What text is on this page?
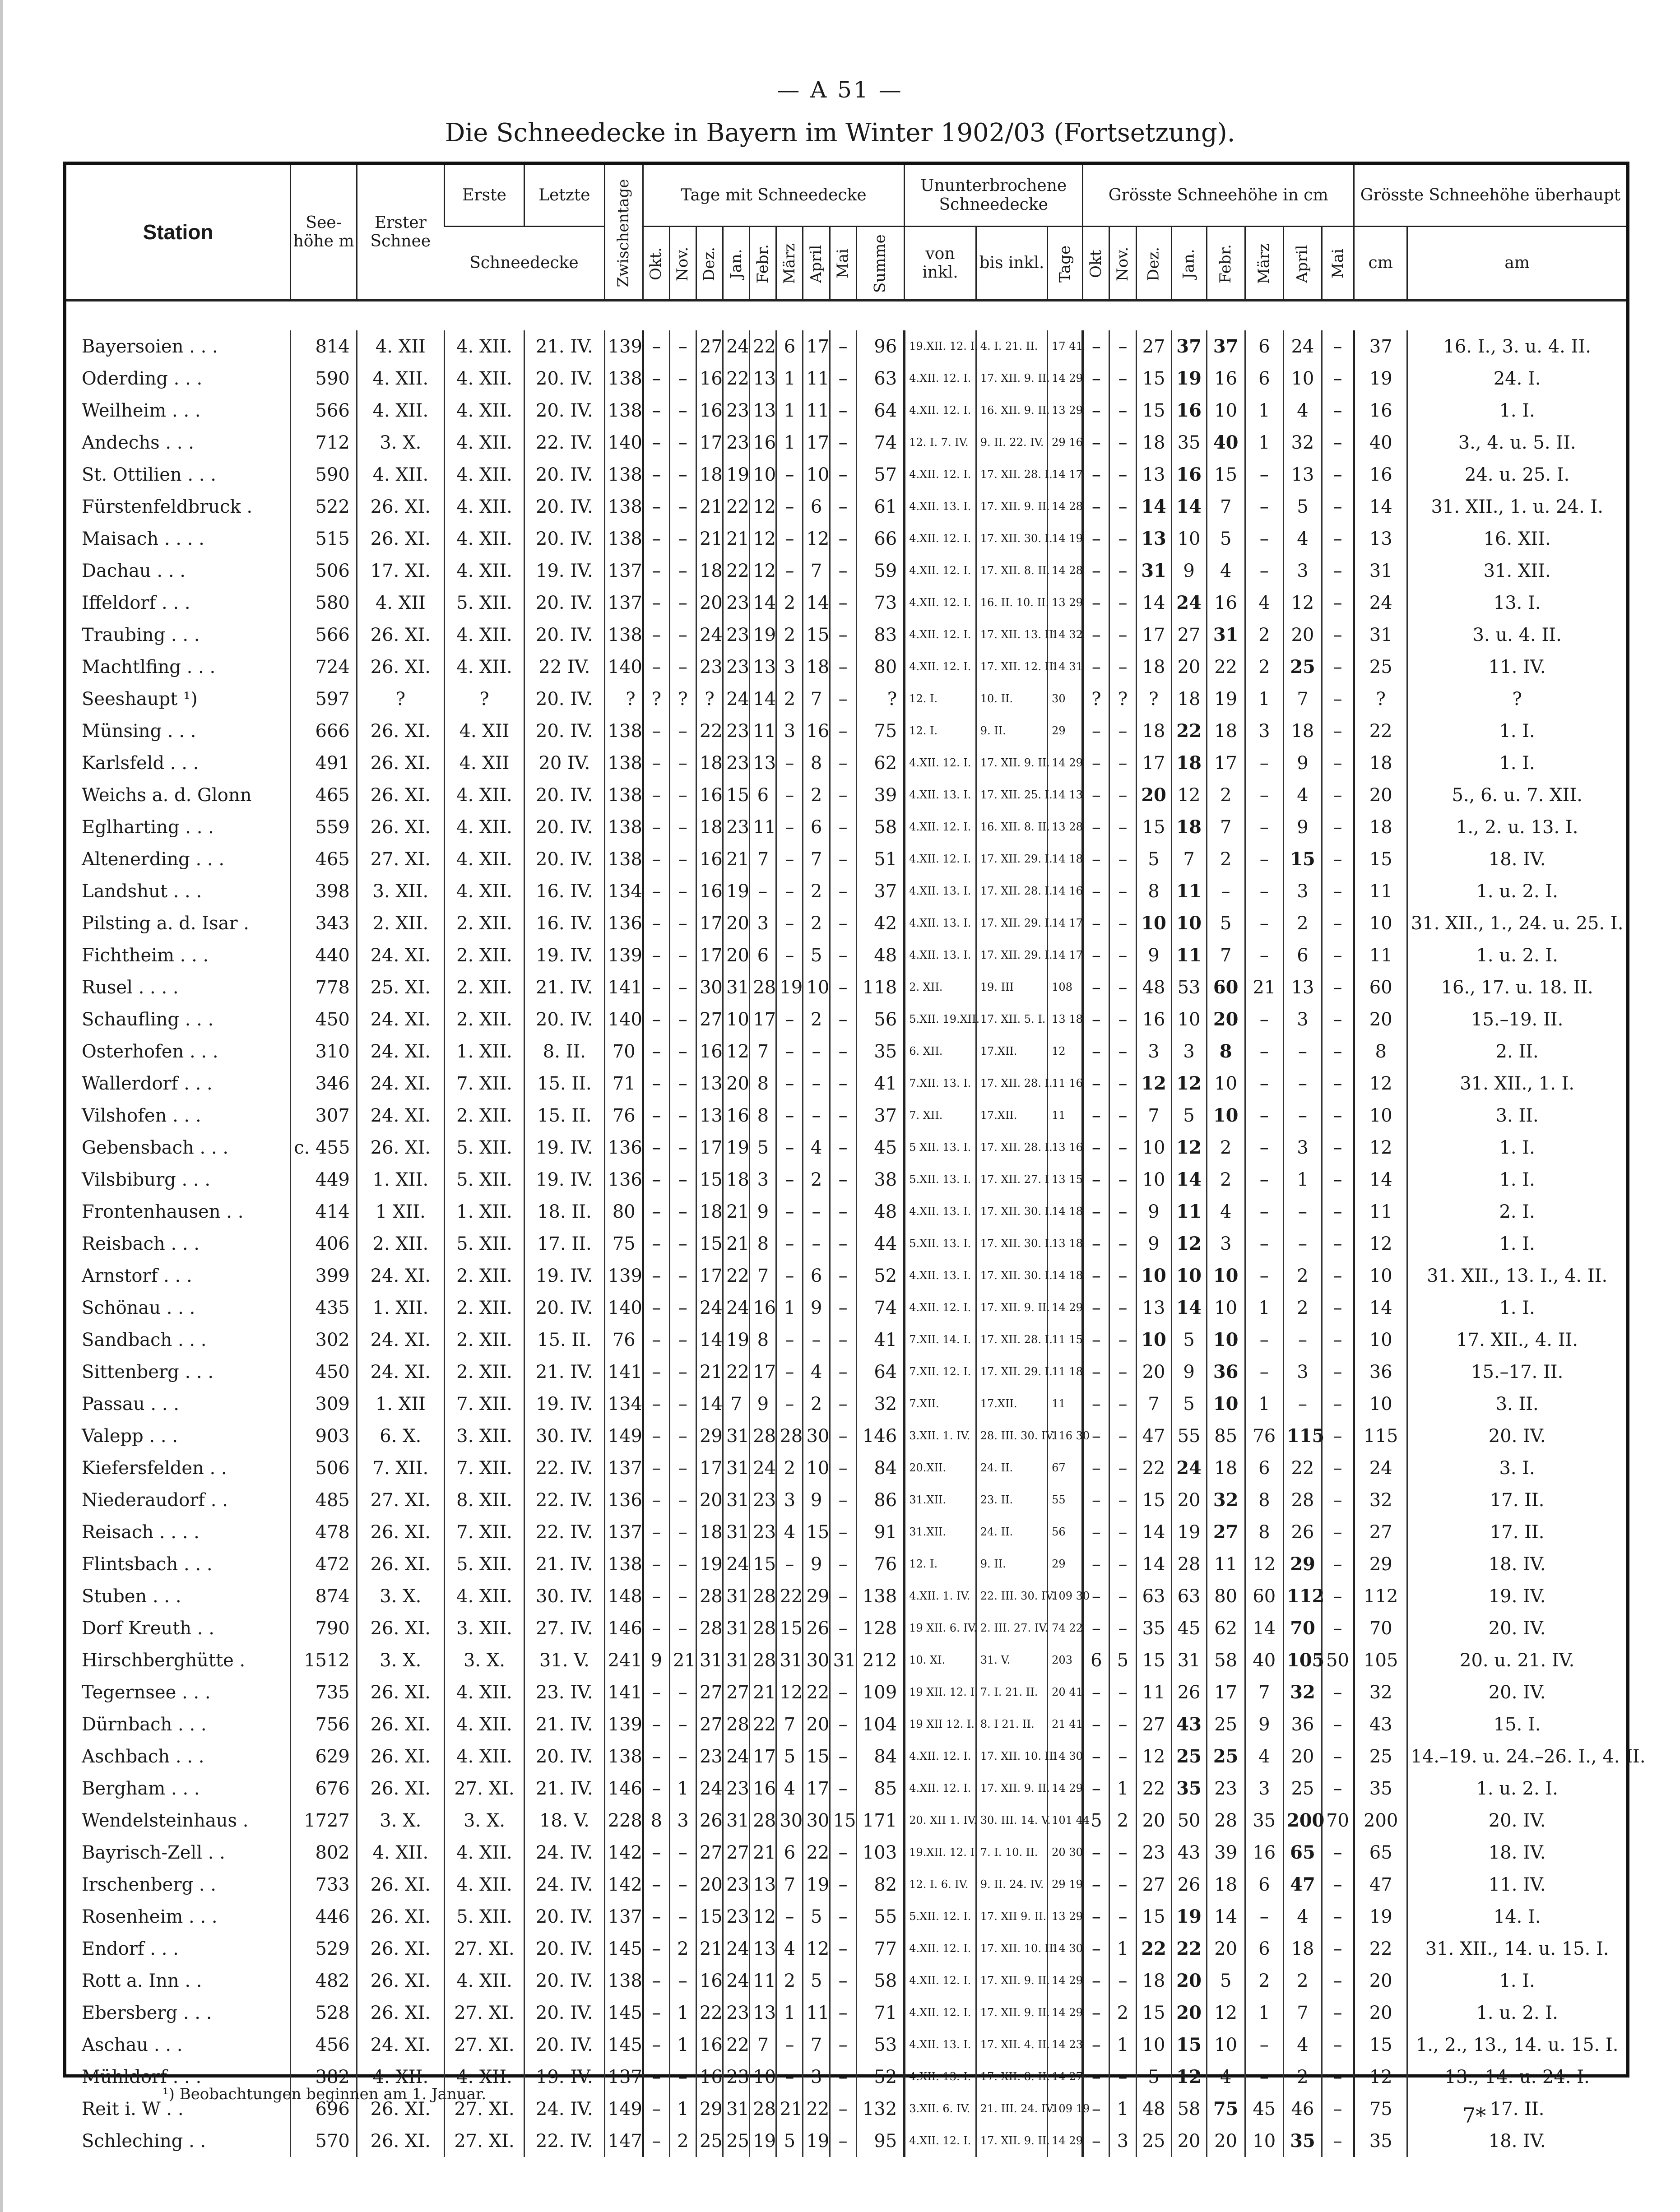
— A 51 —
Die Schneedecke in Bayern im Winter 1902/03 (Fortsetzung).
Station	See-höhe m	Erster Schnee	Erste	Letzte	Zwischentage	Tage mit Schneedecke									Ununterbrochene Schneedecke			Grösste Schneehöhe in cm								Grösste Schneehöhe überhaupt	
			Schneedecke			Okt.	Nov.	Dez.	Jan.	Febr.	März	April	Mai	Summe	von inkl.	bis inkl.	Tage	Okt	Nov.	Dez.	Jan.	Febr.	März	April	Mai	cm	am

Bayersoien . . .	814	4. XII	4. XII.	21. IV.	139	–	–	27	24	22	6	17	–	96	19.XII. 12. I.	4. I. 21. II.	17 41	–	–	27	37	37	6	24	–	37	16. I., 3. u. 4. II.
Oderding . . .	590	4. XII.	4. XII.	20. IV.	138	–	–	16	22	13	1	11	–	63	4.XII. 12. I.	17. XII. 9. II.	14 29	–	–	15	19	16	6	10	–	19	24. I.
Weilheim . . .	566	4. XII.	4. XII.	20. IV.	138	–	–	16	23	13	1	11	–	64	4.XII. 12. I.	16. XII. 9. II.	13 29	–	–	15	16	10	1	4	–	16	1. I.
Andechs . . .	712	3. X.	4. XII.	22. IV.	140	–	–	17	23	16	1	17	–	74	12. I. 7. IV.	9. II. 22. IV.	29 16	–	–	18	35	40	1	32	–	40	3., 4. u. 5. II.
St. Ottilien . . .	590	4. XII.	4. XII.	20. IV.	138	–	–	18	19	10	–	10	–	57	4.XII. 12. I.	17. XII. 28. I.	14 17	–	–	13	16	15	–	13	–	16	24. u. 25. I.
Fürstenfeldbruck .	522	26. XI.	4. XII.	20. IV.	138	–	–	21	22	12	–	6	–	61	4.XII. 13. I.	17. XII. 9. II.	14 28	–	–	14	14	7	–	5	–	14	31. XII., 1. u. 24. I.
Maisach . . . .	515	26. XI.	4. XII.	20. IV.	138	–	–	21	21	12	–	12	–	66	4.XII. 12. I.	17. XII. 30. I.	14 19	–	–	13	10	5	–	4	–	13	16. XII.
Dachau . . .	506	17. XI.	4. XII.	19. IV.	137	–	–	18	22	12	–	7	–	59	4.XII. 12. I.	17. XII. 8. II.	14 28	–	–	31	9	4	–	3	–	31	31. XII.
Iffeldorf . . .	580	4. XII	5. XII.	20. IV.	137	–	–	20	23	14	2	14	–	73	4.XII. 12. I.	16. II. 10. II.	13 29	–	–	14	24	16	4	12	–	24	13. I.
Traubing . . .	566	26. XI.	4. XII.	20. IV.	138	–	–	24	23	19	2	15	–	83	4.XII. 12. I.	17. XII. 13. II.	14 32	–	–	17	27	31	2	20	–	31	3. u. 4. II.
Machtlfing . . .	724	26. XI.	4. XII.	22 IV.	140	–	–	23	23	13	3	18	–	80	4.XII. 12. I.	17. XII. 12. II.	14 31	–	–	18	20	22	2	25	–	25	11. IV.
Seeshaupt ¹)	597	?	?	20. IV.	?	?	?	?	24	14	2	7	–	?	12. I.	10. II.	30	?	?	?	18	19	1	7	–	?	?
Münsing . . .	666	26. XI.	4. XII	20. IV.	138	–	–	22	23	11	3	16	–	75	12. I.	9. II.	29	–	–	18	22	18	3	18	–	22	1. I.
Karlsfeld . . .	491	26. XI.	4. XII	20 IV.	138	–	–	18	23	13	–	8	–	62	4.XII. 12. I.	17. XII. 9. II.	14 29	–	–	17	18	17	–	9	–	18	1. I.
Weichs a. d. Glonn	465	26. XI.	4. XII.	20. IV.	138	–	–	16	15	6	–	2	–	39	4.XII. 13. I.	17. XII. 25. I.	14 13	–	–	20	12	2	–	4	–	20	5., 6. u. 7. XII.
Eglharting . . .	559	26. XI.	4. XII.	20. IV.	138	–	–	18	23	11	–	6	–	58	4.XII. 12. I.	16. XII. 8. II.	13 28	–	–	15	18	7	–	9	–	18	1., 2. u. 13. I.
Altenerding . . .	465	27. XI.	4. XII.	20. IV.	138	–	–	16	21	7	–	7	–	51	4.XII. 12. I.	17. XII. 29. I.	14 18	–	–	5	7	2	–	15	–	15	18. IV.
Landshut . . .	398	3. XII.	4. XII.	16. IV.	134	–	–	16	19	–	–	2	–	37	4.XII. 13. I.	17. XII. 28. I.	14 16	–	–	8	11	–	–	3	–	11	1. u. 2. I.
Pilsting a. d. Isar .	343	2. XII.	2. XII.	16. IV.	136	–	–	17	20	3	–	2	–	42	4.XII. 13. I.	17. XII. 29. I.	14 17	–	–	10	10	5	–	2	–	10	31. XII., 1., 24. u. 25. I.
Fichtheim . . .	440	24. XI.	2. XII.	19. IV.	139	–	–	17	20	6	–	5	–	48	4.XII. 13. I.	17. XII. 29. I.	14 17	–	–	9	11	7	–	6	–	11	1. u. 2. I.
Rusel . . . .	778	25. XI.	2. XII.	21. IV.	141	–	–	30	31	28	19	10	–	118	2. XII.	19. III	108	–	–	48	53	60	21	13	–	60	16., 17. u. 18. II.
Schaufling . . .	450	24. XI.	2. XII.	20. IV.	140	–	–	27	10	17	–	2	–	56	5.XII. 19.XII.	17. XII. 5. I.	13 18	–	–	16	10	20	–	3	–	20	15.–19. II.
Osterhofen . . .	310	24. XI.	1. XII.	8. II.	70	–	–	16	12	7	–	–	–	35	6. XII.	17.XII.	12	–	–	3	3	8	–	–	–	8	2. II.
Wallerdorf . . .	346	24. XI.	7. XII.	15. II.	71	–	–	13	20	8	–	–	–	41	7.XII. 13. I.	17. XII. 28. I.	11 16	–	–	12	12	10	–	–	–	12	31. XII., 1. I.
Vilshofen . . .	307	24. XI.	2. XII.	15. II.	76	–	–	13	16	8	–	–	–	37	7. XII.	17.XII.	11	–	–	7	5	10	–	–	–	10	3. II.
Gebensbach . . .	c. 455	26. XI.	5. XII.	19. IV.	136	–	–	17	19	5	–	4	–	45	5 XII. 13. I.	17. XII. 28. I.	13 16	–	–	10	12	2	–	3	–	12	1. I.
Vilsbiburg . . .	449	1. XII.	5. XII.	19. IV.	136	–	–	15	18	3	–	2	–	38	5.XII. 13. I.	17. XII. 27. I	13 15	–	–	10	14	2	–	1	–	14	1. I.
Frontenhausen . .	414	1 XII.	1. XII.	18. II.	80	–	–	18	21	9	–	–	–	48	4.XII. 13. I.	17. XII. 30. I.	14 18	–	–	9	11	4	–	–	–	11	2. I.
Reisbach . . .	406	2. XII.	5. XII.	17. II.	75	–	–	15	21	8	–	–	–	44	5.XII. 13. I.	17. XII. 30. I.	13 18	–	–	9	12	3	–	–	–	12	1. I.
Arnstorf . . .	399	24. XI.	2. XII.	19. IV.	139	–	–	17	22	7	–	6	–	52	4.XII. 13. I.	17. XII. 30. I.	14 18	–	–	10	10	10	–	2	–	10	31. XII., 13. I., 4. II.
Schönau . . .	435	1. XII.	2. XII.	20. IV.	140	–	–	24	24	16	1	9	–	74	4.XII. 12. I.	17. XII. 9. II.	14 29	–	–	13	14	10	1	2	–	14	1. I.
Sandbach . . .	302	24. XI.	2. XII.	15. II.	76	–	–	14	19	8	–	–	–	41	7.XII. 14. I.	17. XII. 28. I.	11 15	–	–	10	5	10	–	–	–	10	17. XII., 4. II.
Sittenberg . . .	450	24. XI.	2. XII.	21. IV.	141	–	–	21	22	17	–	4	–	64	7.XII. 12. I.	17. XII. 29. I.	11 18	–	–	20	9	36	–	3	–	36	15.–17. II.
Passau . . .	309	1. XII	7. XII.	19. IV.	134	–	–	14	7	9	–	2	–	32	7.XII.	17.XII.	11	–	–	7	5	10	1	–	–	10	3. II.
Valepp . . .	903	6. X.	3. XII.	30. IV.	149	–	–	29	31	28	28	30	–	146	3.XII. 1. IV.	28. III. 30. IV.	116 30	–	–	47	55	85	76	115	–	115	20. IV.
Kiefersfelden . .	506	7. XII.	7. XII.	22. IV.	137	–	–	17	31	24	2	10	–	84	20.XII.	24. II.	67	–	–	22	24	18	6	22	–	24	3. I.
Niederaudorf . .	485	27. XI.	8. XII.	22. IV.	136	–	–	20	31	23	3	9	–	86	31.XII.	23. II.	55	–	–	15	20	32	8	28	–	32	17. II.
Reisach . . . .	478	26. XI.	7. XII.	22. IV.	137	–	–	18	31	23	4	15	–	91	31.XII.	24. II.	56	–	–	14	19	27	8	26	–	27	17. II.
Flintsbach . . .	472	26. XI.	5. XII.	21. IV.	138	–	–	19	24	15	–	9	–	76	12. I.	9. II.	29	–	–	14	28	11	12	29	–	29	18. IV.
Stuben . . .	874	3. X.	4. XII.	30. IV.	148	–	–	28	31	28	22	29	–	138	4.XII. 1. IV.	22. III. 30. IV.	109 30	–	–	63	63	80	60	112	–	112	19. IV.
Dorf Kreuth . .	790	26. XI.	3. XII.	27. IV.	146	–	–	28	31	28	15	26	–	128	19 XII. 6. IV.	2. III. 27. IV.	74 22	–	–	35	45	62	14	70	–	70	20. IV.
Hirschberghütte .	1512	3. X.	3. X.	31. V.	241	9	21	31	31	28	31	30	31	212	10. XI.	31. V.	203	6	5	15	31	58	40	105	50	105	20. u. 21. IV.
Tegernsee . . .	735	26. XI.	4. XII.	23. IV.	141	–	–	27	27	21	12	22	–	109	19 XII. 12. I.	7. I. 21. II.	20 41	–	–	11	26	17	7	32	–	32	20. IV.
Dürnbach . . .	756	26. XI.	4. XII.	21. IV.	139	–	–	27	28	22	7	20	–	104	19 XII 12. I.	8. I 21. II.	21 41	–	–	27	43	25	9	36	–	43	15. I.
Aschbach . . .	629	26. XI.	4. XII.	20. IV.	138	–	–	23	24	17	5	15	–	84	4.XII. 12. I.	17. XII. 10. II.	14 30	–	–	12	25	25	4	20	–	25	14.–19. u. 24.–26. I., 4. II.
Bergham . . .	676	26. XI.	27. XI.	21. IV.	146	–	1	24	23	16	4	17	–	85	4.XII. 12. I.	17. XII. 9. II.	14 29	–	1	22	35	23	3	25	–	35	1. u. 2. I.
Wendelsteinhaus .	1727	3. X.	3. X.	18. V.	228	8	3	26	31	28	30	30	15	171	20. XII 1. IV.	30. III. 14. V.	101 44	5	2	20	50	28	35	200	70	200	20. IV.
Bayrisch-Zell . .	802	4. XII.	4. XII.	24. IV.	142	–	–	27	27	21	6	22	–	103	19.XII. 12. I.	7. I. 10. II.	20 30	–	–	23	43	39	16	65	–	65	18. IV.
Irschenberg . .	733	26. XI.	4. XII.	24. IV.	142	–	–	20	23	13	7	19	–	82	12. I. 6. IV.	9. II. 24. IV.	29 19	–	–	27	26	18	6	47	–	47	11. IV.
Rosenheim . . .	446	26. XI.	5. XII.	20. IV.	137	–	–	15	23	12	–	5	–	55	5.XII. 12. I.	17. XII 9. II.	13 29	–	–	15	19	14	–	4	–	19	14. I.
Endorf . . .	529	26. XI.	27. XI.	20. IV.	145	–	2	21	24	13	4	12	–	77	4.XII. 12. I.	17. XII. 10. II.	14 30	–	1	22	22	20	6	18	–	22	31. XII., 14. u. 15. I.
Rott a. Inn . .	482	26. XI.	4. XII.	20. IV.	138	–	–	16	24	11	2	5	–	58	4.XII. 12. I.	17. XII. 9. II.	14 29	–	–	18	20	5	2	2	–	20	1. I.
Ebersberg . . .	528	26. XI.	27. XI.	20. IV.	145	–	1	22	23	13	1	11	–	71	4.XII. 12. I.	17. XII. 9. II.	14 29	–	2	15	20	12	1	7	–	20	1. u. 2. I.
Aschau . . .	456	24. XI.	27. XI.	20. IV.	145	–	1	16	22	7	–	7	–	53	4.XII. 13. I.	17. XII. 4. II.	14 23	–	1	10	15	10	–	4	–	15	1., 2., 13., 14. u. 15. I.
Mühldorf . . .	382	4. XII.	4. XII.	19. IV.	137	–	–	16	23	10	–	3	–	52	4.XII. 13. I.	17. XII. 8. II.	14 27	–	–	5	12	4	–	2	–	12	13., 14. u. 24. I.
Reit i. W . .	696	26. XI.	27. XI.	24. IV.	149	–	1	29	31	28	21	22	–	132	3.XII. 6. IV.	21. III. 24. IV.	109 19	–	1	48	58	75	45	46	–	75	17. II.
Schleching . .	570	26. XI.	27. XI.	22. IV.	147	–	2	25	25	19	5	19	–	95	4.XII. 12. I.	17. XII. 9. II.	14 29	–	3	25	20	20	10	35	–	35	18. IV.
¹) Beobachtungen beginnen am 1. Januar.
7*
